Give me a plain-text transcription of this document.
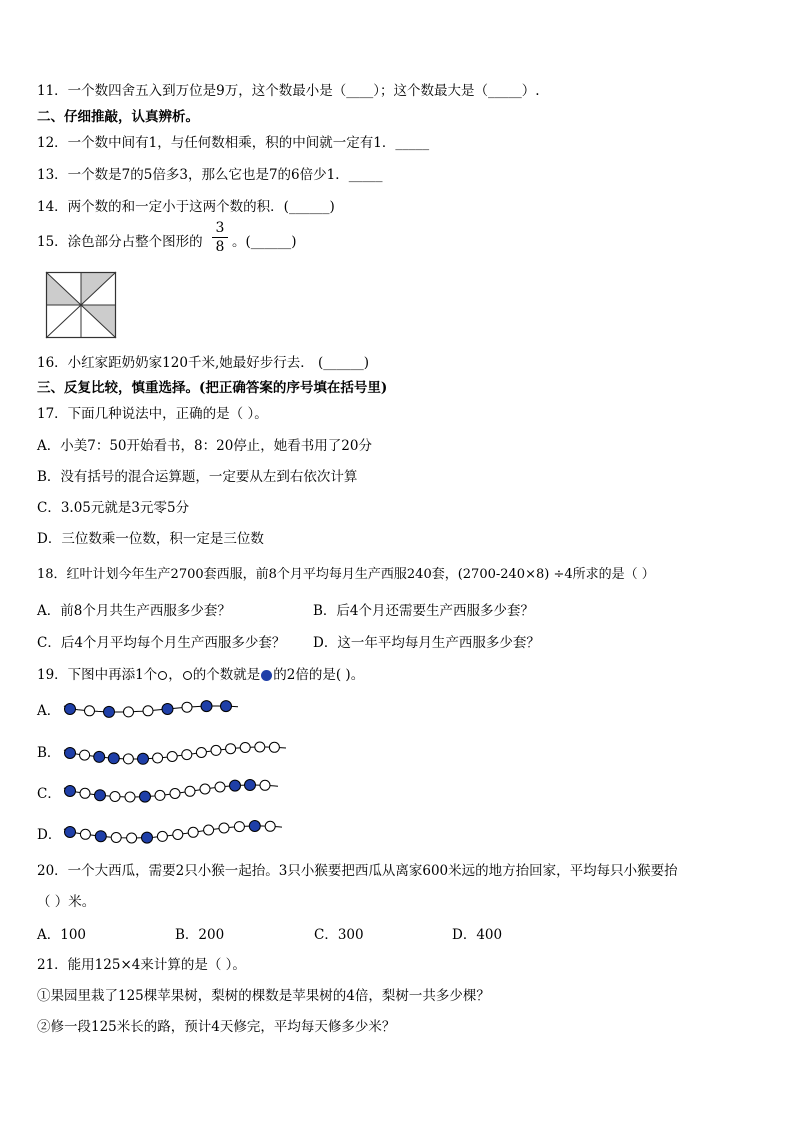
11．一个数四舍五入到万位是9万，这个数最小是（____）；这个数最大是（_____）.
二、仔细推敲，认真辨析。
12．一个数中间有1，与任何数相乘，积的中间就一定有1．_____
13．一个数是7的5倍多3，那么它也是7的6倍少1．_____
14．两个数的和一定小于这两个数的积．(______)
15．涂色部分占整个图形的
3
8 。(______)
16．小红家距奶奶家120千米,她最好步行去． (______)
三、反复比较，慎重选择。(把正确答案的序号填在括号里)
17．下面几种说法中，正确的是（ ）。
A．小美7：50开始看书，8：20停止，她看书用了20分
B．没有括号的混合运算题，一定要从左到右依次计算
C．3.05元就是3元零5分
D．三位数乘一位数，积一定是三位数
18．红叶计划今年生产2700套西服，前8个月平均每月生产西服240套，(2700-240×8) ÷4所求的是（ ）
A．前8个月共生产西服多少套？	B．后4个月还需要生产西服多少套？
C．后4个月平均每个月生产西服多少套？ D．这一年平均每月生产西服多少套？
19．下图中再添1个 ， 的个数就是 的2倍的是( )。
A．
B．
C．
D．
20．一个大西瓜，需要2只小猴一起抬。3只小猴要把西瓜从离家600米远的地方抬回家，平均每只小猴要抬
（ ）米。
A．100	B．200	C．300	D．400
21．能用125×4来计算的是（ ）。
①果园里栽了125棵苹果树，梨树的棵数是苹果树的4倍，梨树一共多少棵？
②修一段125米长的路，预计4天修完，平均每天修多少米？
